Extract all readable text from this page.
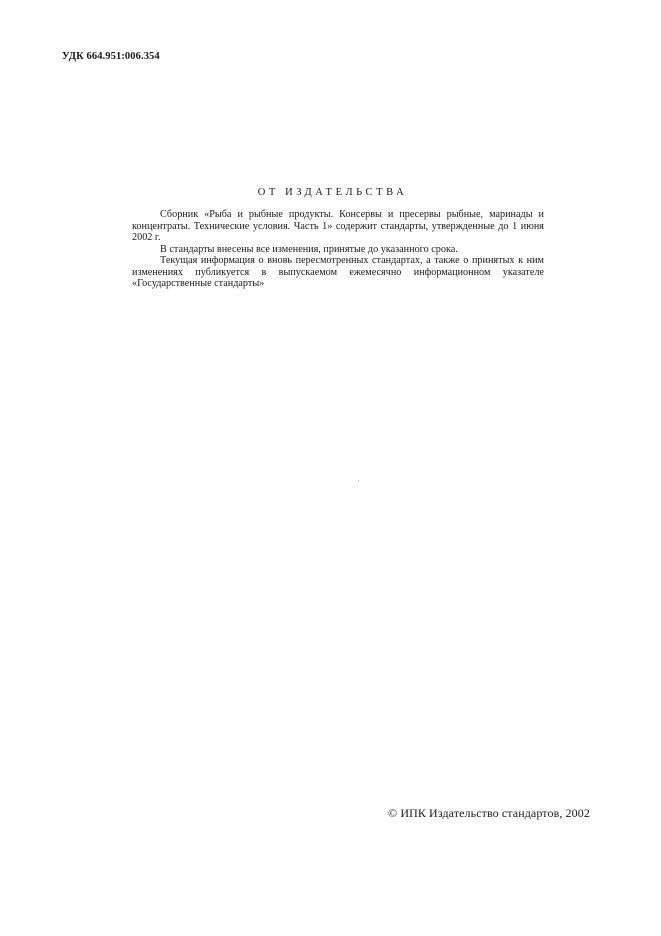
УДК 664.951:006.354
ОТ ИЗДАТЕЛЬСТВА

Сборник «Рыба и рыбные продукты. Консервы и пресервы рыбные, маринады и концентраты. Технические условия. Часть 1» содержит стандарты, утвержденные до 1 июня 2002 г.

В стандарты внесены все изменения, принятые до указанного срока.

Текущая информация о вновь пересмотренных стандартах, а также о принятых к ним изменениях публикуется в выпускаемом ежемесячно информационном указателе «Государственные стандарты»

© ИПК Издательство стандартов, 2002
